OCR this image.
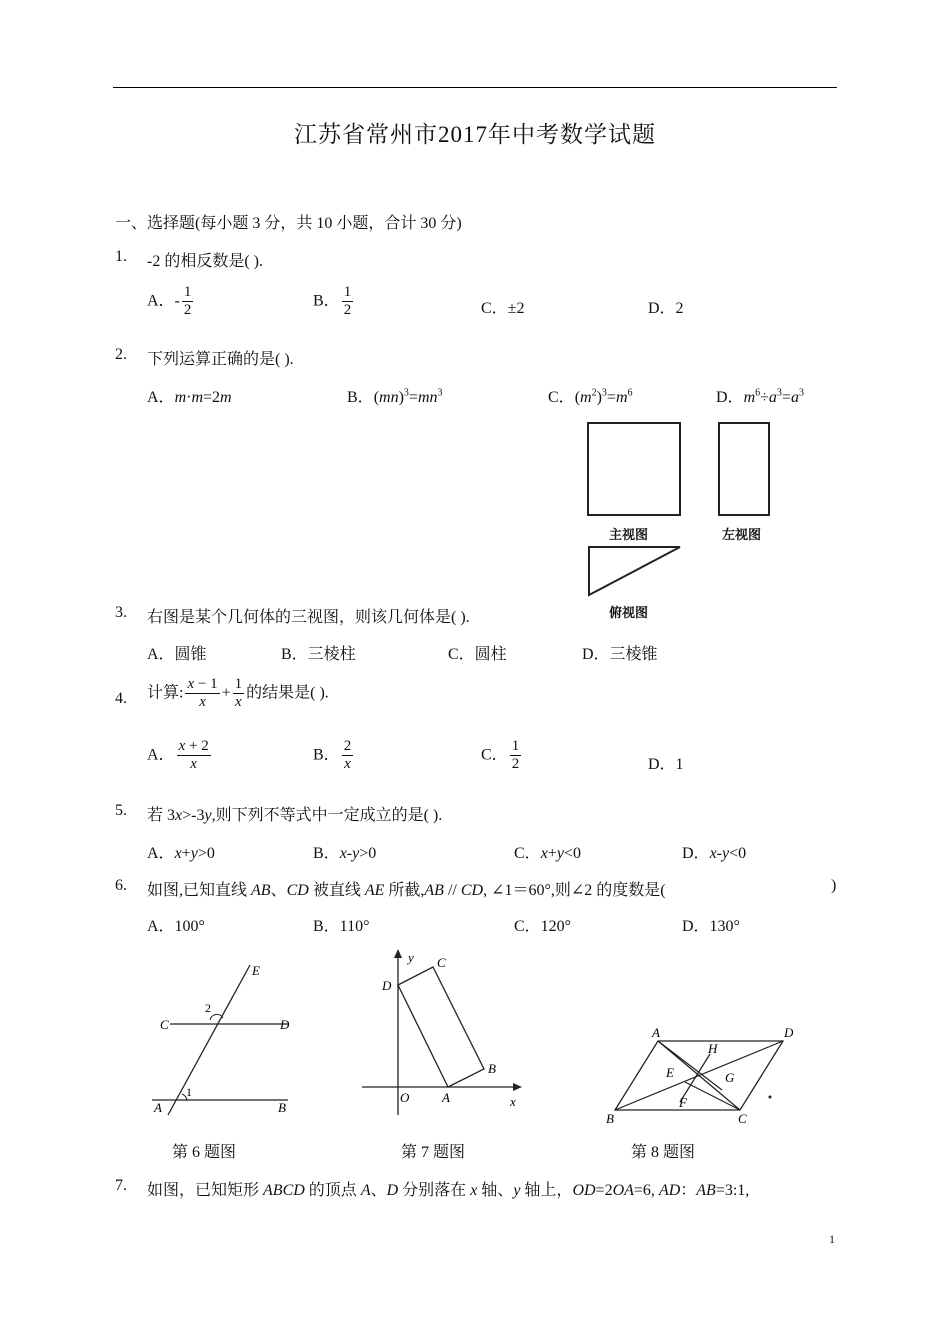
江苏省常州市2017年中考数学试题
一、选择题(每小题 3 分，共 10 小题，合计 30 分)
1. -2 的相反数是( ).
A．- $\frac{1}{2}$	B． $\frac{1}{2}$	C．±2	D．2
2. 下列运算正确的是( ).
A．m·m=2m	B．$(mn)^3=mn^3$	C．$(m^2)^3=m^6$	D．$m^6\div a^3=a^3$
主视图	左视图
俯视图
3. 右图是某个几何体的三视图，则该几何体是( ).
A．圆锥	B．三棱柱	C．圆柱	D．三棱锥
4. 计算: $\frac{x - 1}{x} + \frac{1}{x}$ 的结果是( ).
A． $\frac{x + 2}{x}$	B． $\frac{2}{x}$	C． $\frac{1}{2}$	D．1
5. 若 3x>-3y,则下列不等式中一定成立的是( ).
A．x+y>0	B．x-y>0	C．x+y<0	D．x-y<0
6. 如图,已知直线 AB、CD 被直线 AE 所截,AB // CD, ∠1＝60°,则∠2 的度数是(	)
A．100°	B．110°	C．120°	D．130°
E
C	D
A	B
1
2
第 6 题图
y
x
O	A
B
C
D
第 7 题图
A	D
B	C
E
F
G
H
第 8 题图
7. 如图，已知矩形 ABCD 的顶点 A、D 分别落在 x 轴、y 轴上，OD=2OA=6, AD：AB=3:1,
1
